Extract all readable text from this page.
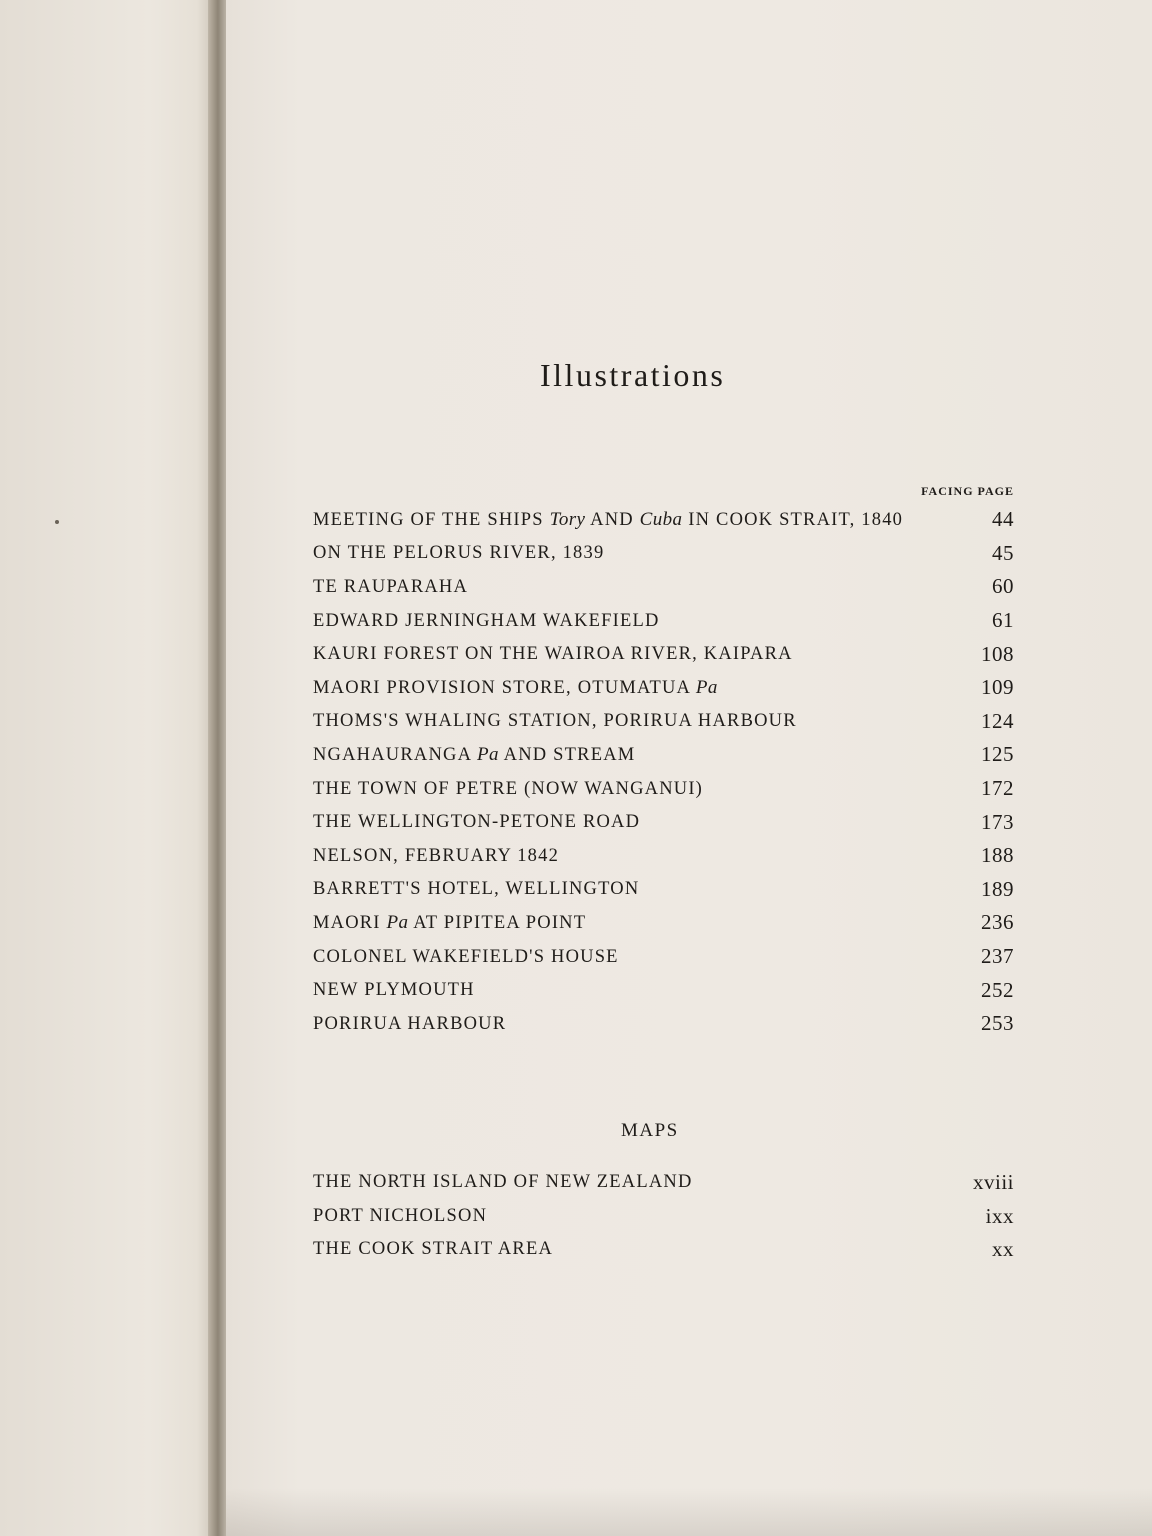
Illustrations
FACING PAGE
MEETING OF THE SHIPS Tory AND Cuba IN COOK STRAIT, 1840	44
ON THE PELORUS RIVER, 1839	45
TE RAUPARAHA	60
EDWARD JERNINGHAM WAKEFIELD	61
KAURI FOREST ON THE WAIROA RIVER, KAIPARA	108
MAORI PROVISION STORE, OTUMATUA Pa	109
THOMS'S WHALING STATION, PORIRUA HARBOUR	124
NGAHAURANGA Pa AND STREAM	125
THE TOWN OF PETRE (NOW WANGANUI)	172
THE WELLINGTON-PETONE ROAD	173
NELSON, FEBRUARY 1842	188
BARRETT'S HOTEL, WELLINGTON	189
MAORI Pa AT PIPITEA POINT	236
COLONEL WAKEFIELD'S HOUSE	237
NEW PLYMOUTH	252
PORIRUA HARBOUR	253
MAPS
THE NORTH ISLAND OF NEW ZEALAND	xviii
PORT NICHOLSON	ixx
THE COOK STRAIT AREA	xx
